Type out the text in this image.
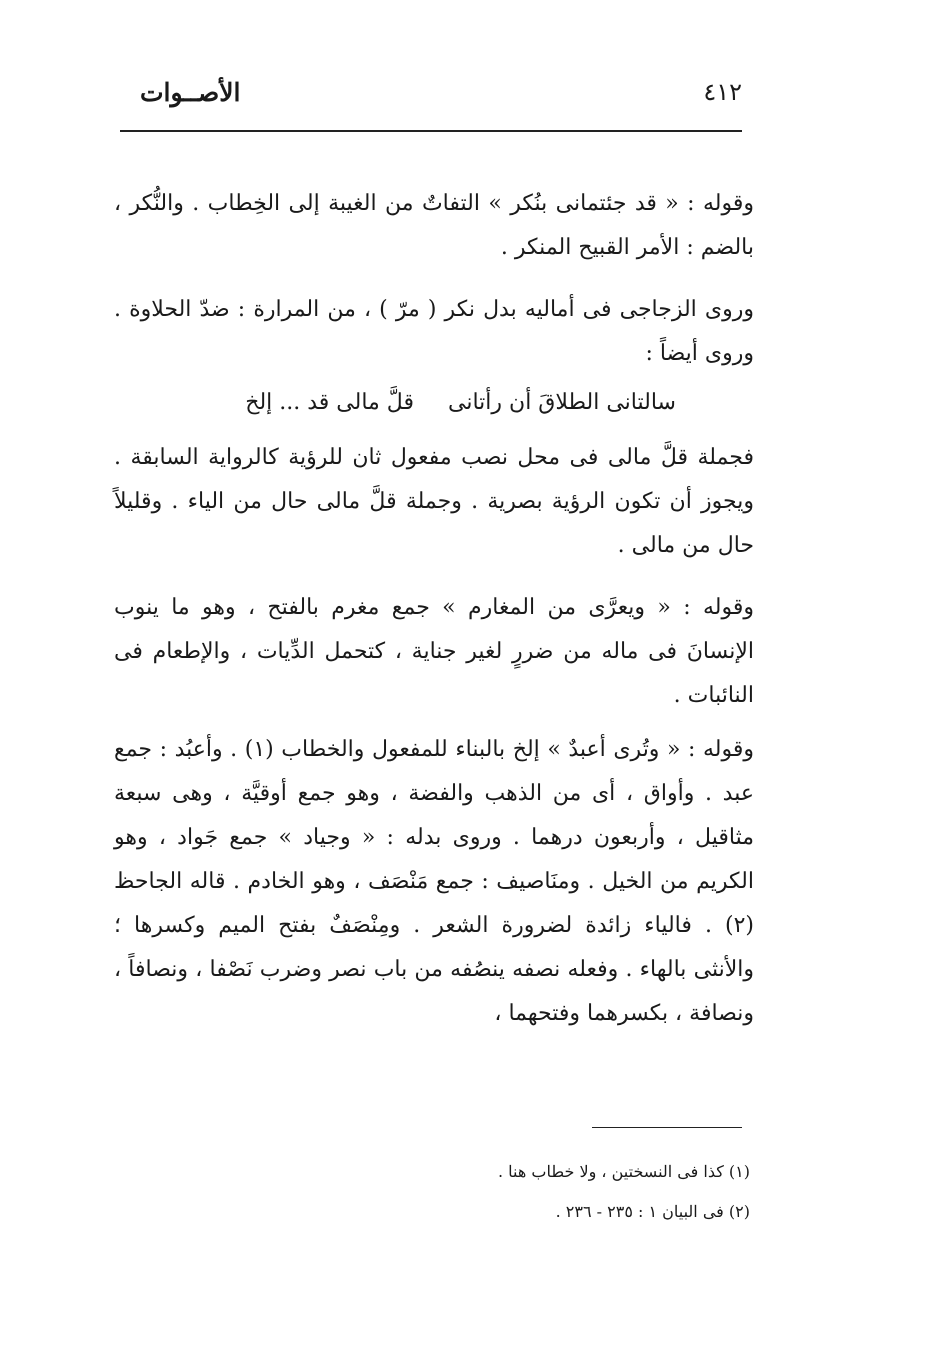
٤١٢
الأصــوات

وقوله : « قد جئتمانى بنُكر » التفاتٌ من الغيبة إلى الخِطاب . والنُّكر ، بالضم : الأمر القبيح المنكر .

وروى الزجاجى فى أماليه بدل نكر ( مرّ ) ، من المرارة : ضدّ الحلاوة . وروى أيضاً :

سالتانى الطلاقَ أن رأتانى
قلَّ مالى قد ... إلخ

فجملة قلَّ مالى فى محل نصب مفعول ثان للرؤية كالرواية السابقة . ويجوز أن تكون الرؤية بصرية . وجملة قلَّ مالى حال من الياء . وقليلاً حال من مالى .

وقوله : « ويعرَّى من المغارم » جمع مغرم بالفتح ، وهو ما ينوب الإنسانَ فى ماله من ضررٍ لغير جناية ، كتحمل الدِّيات ، والإطعام فى النائبات .

وقوله : « وتُرى أعبدٌ » إلخ بالبناء للمفعول والخطاب (١) . وأعبُد : جمع عبد . وأواق ، أى من الذهب والفضة ، وهو جمع أوقيَّة ، وهى سبعة مثاقيل ، وأربعون درهما . وروى بدله : « وجياد » جمع جَواد ، وهو الكريم من الخيل . ومنَاصيف : جمع مَنْصَف ، وهو الخادم . قاله الجاحظ (٢) . فالياء زائدة لضرورة الشعر . ومِنْصَفٌ بفتح الميم وكسرها ؛ والأنثى بالهاء . وفعله نصفه ينصُفه من باب نصر وضرب نَصْفا ، ونصافاً ، ونصافة ، بكسرهما وفتحهما ،

(١) كذا فى النسختين ، ولا خطاب هنا .

(٢) فى البيان ١ : ٢٣٥ - ٢٣٦ .
